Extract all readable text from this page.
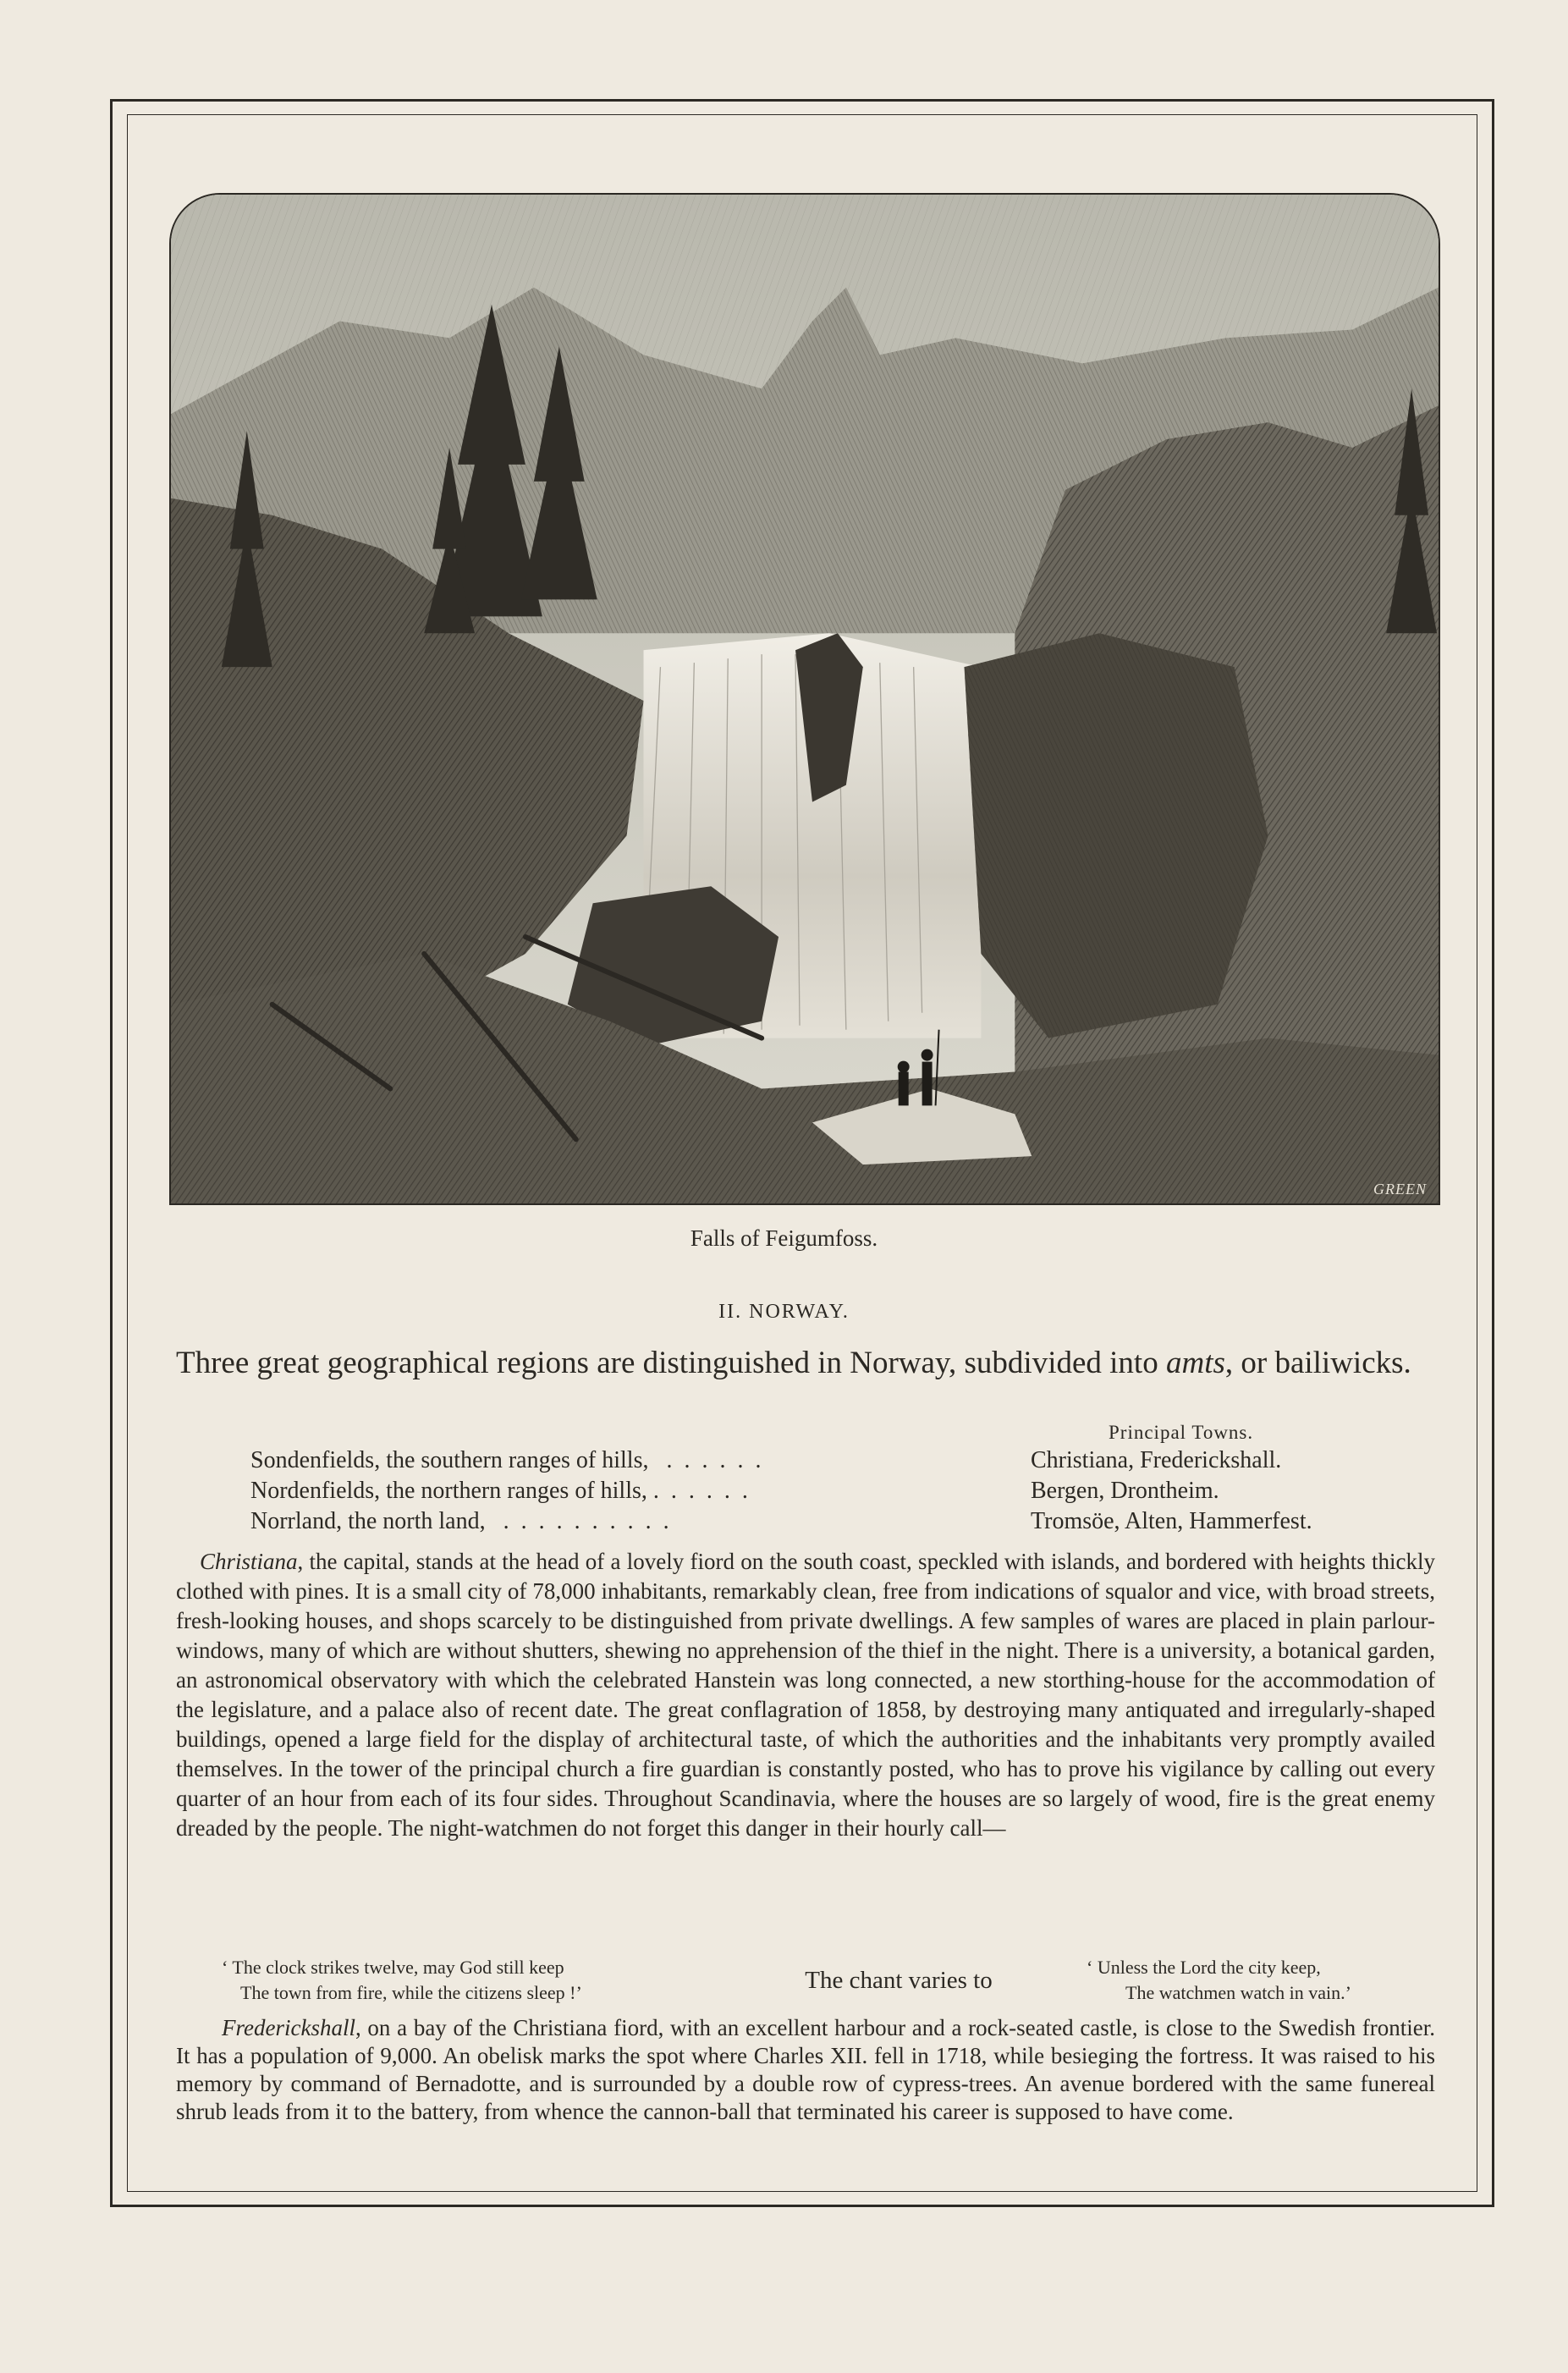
GREEN
Falls of Feigumfoss.
II. NORWAY.
Three great geographical regions are distinguished in Norway, subdivided into amts, or bailiwicks.
Principal Towns.
Sondenfields, the southern ranges of hills,   .  .  .  .  .  .	Christiana, Frederickshall.
Nordenfields, the northern ranges of hills, .  .  .  .  .  .	Bergen, Drontheim.
Norrland, the north land,   .  .  .  .  .  .  .  .  .  .	Tromsöe, Alten, Hammerfest.

Christiana, the capital, stands at the head of a lovely fiord on the south coast, speckled with islands, and bordered with heights thickly clothed with pines. It is a small city of 78,000 inhabitants, remarkably clean, free from indications of squalor and vice, with broad streets, fresh-looking houses, and shops scarcely to be distinguished from private dwellings. A few samples of wares are placed in plain parlour-windows, many of which are without shutters, shewing no apprehension of the thief in the night. There is a university, a botanical garden, an astronomical observatory with which the celebrated Hanstein was long connected, a new storthing-house for the accommodation of the legislature, and a palace also of recent date. The great conflagration of 1858, by destroying many antiquated and irregularly-shaped buildings, opened a large field for the display of architectural taste, of which the authorities and the inhabitants very promptly availed themselves. In the tower of the principal church a fire guardian is constantly posted, who has to prove his vigilance by calling out every quarter of an hour from each of its four sides. Throughout Scandinavia, where the houses are so largely of wood, fire is the great enemy dreaded by the people. The night-watchmen do not forget this danger in their hourly call—

‘ The clock strikes twelve, may God still keep
The town from fire, while the citizens sleep !’	The chant varies to	‘ Unless the Lord the city keep,
The watchmen watch in vain.’

Frederickshall, on a bay of the Christiana fiord, with an excellent harbour and a rock-seated castle, is close to the Swedish frontier. It has a population of 9,000. An obelisk marks the spot where Charles XII. fell in 1718, while besieging the fortress. It was raised to his memory by command of Bernadotte, and is surrounded by a double row of cypress-trees. An avenue bordered with the same funereal shrub leads from it to the battery, from whence the cannon-ball that terminated his career is supposed to have come.
